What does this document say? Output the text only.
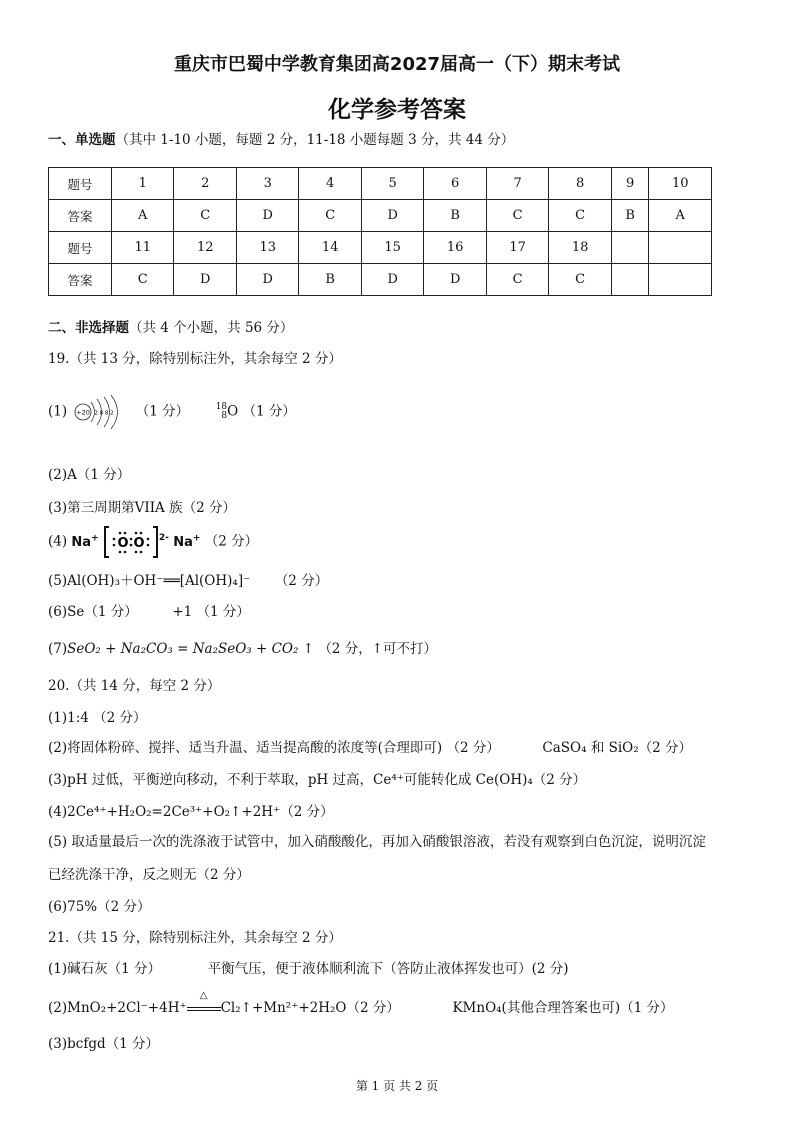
重庆市巴蜀中学教育集团高2027届高一（下）期末考试
化学参考答案
一、单选题（其中 1-10 小题，每题 2 分，11-18 小题每题 3 分，共 44 分）
题号	1	2	3	4	5	6	7	8	9	10
答案	A	C	D	C	D	B	C	C	B	A
题号	11	12	13	14	15	16	17	18		
答案	C	D	D	B	D	D	C	C		
二、非选择题（共 4 个小题，共 56 分）
19.（共 13 分，除特别标注外，其余每空 2 分）
(1) +20 2 8 8 2 （1 分）	18
8 O （1 分）
(2)A（1 分）
(3)第三周期第VIIA 族（2 分）
(4) Na+ O O $^{2-}$ Na+ （2 分）
(5)Al(OH)₃＋OH⁻══[Al(OH)₄]⁻ （2 分）
(6)Se（1 分）	+1 （1 分）
(7)SeO₂ + Na₂CO₃ = Na₂SeO₃ + CO₂ ↑ （2 分，↑可不打）
20.（共 14 分，每空 2 分）
(1)1:4 （2 分）
(2)将固体粉碎、搅拌、适当升温、适当提高酸的浓度等(合理即可) （2 分）	CaSO₄ 和 SiO₂（2 分）
(3)pH 过低，平衡逆向移动，不利于萃取，pH 过高，Ce⁴⁺可能转化成 Ce(OH)₄（2 分）
(4)2Ce⁴⁺+H₂O₂=2Ce³⁺+O₂↑+2H⁺（2 分）
(5) 取适量最后一次的洗涤液于试管中，加入硝酸酸化，再加入硝酸银溶液，若没有观察到白色沉淀，说明沉淀
已经洗涤干净，反之则无（2 分）
(6)75%（2 分）
21.（共 15 分，除特别标注外，其余每空 2 分）
(1)碱石灰（1 分）	平衡气压，便于液体顺利流下（答防止液体挥发也可）(2 分)
(2)MnO₂+2Cl⁻+4H⁺
△
Cl₂↑+Mn²⁺+2H₂O（2 分）	KMnO₄(其他合理答案也可)（1 分）
(3)bcfgd（1 分）
第 1 页 共 2 页
